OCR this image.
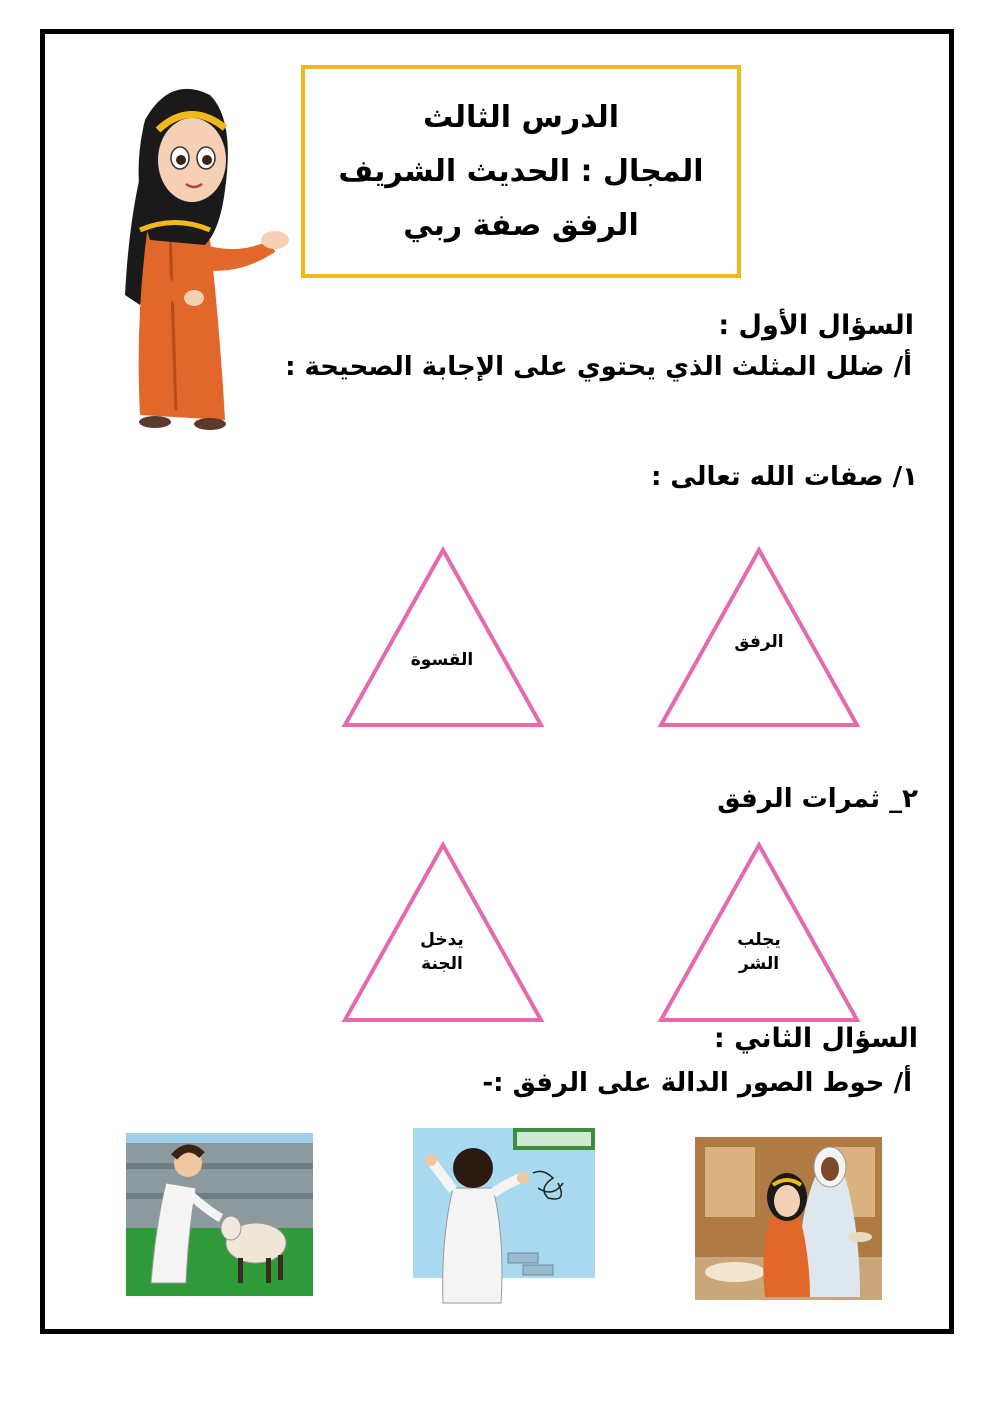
الدرس الثالث
المجال : الحديث الشريف
الرفق صفة ربي
السؤال الأول :
أ/ ضلل المثلث الذي يحتوي على الإجابة الصحيحة :
١/ صفات الله تعالى :
الرفق
القسوة
٢_ ثمرات الرفق
يجلب
الشر
يدخل
الجنة
السؤال الثاني :
أ/ حوط الصور الدالة على الرفق :-
